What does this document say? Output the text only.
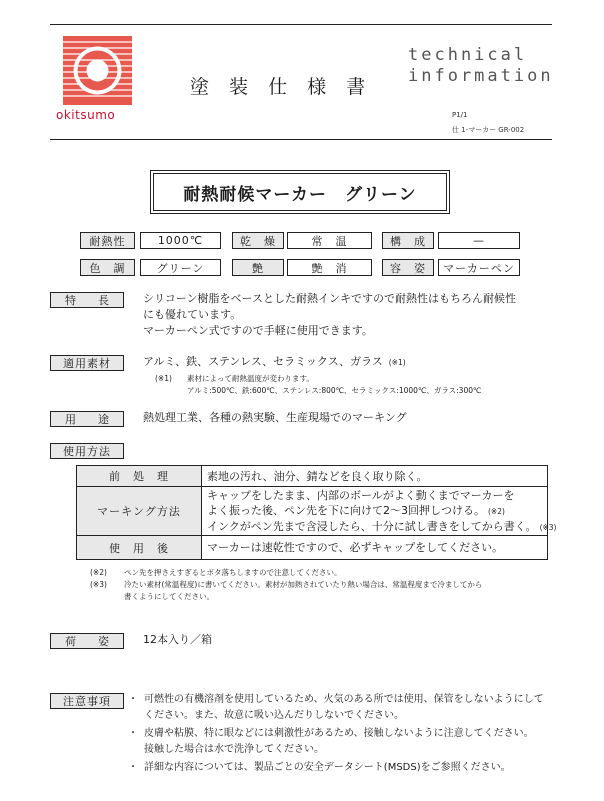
okitsumo
塗 装 仕 様 書
technical
information
P1/1
仕 1-マーカー GR-002
耐熱耐候マーカー　グリーン
耐熱性	1000℃	乾　燥	常　温	構　成	—
色　調	グリーン	艶	艶　消	容　姿	マーカーペン
特長 シリコーン樹脂をベースとした耐熱インキですので耐熱性はもちろん耐候性
にも優れています。
マーカーペン式ですので手軽に使用できます。
適用素材	アルミ、鉄、ステンレス、セラミックス、ガラス (※1)
(※1) 素材によって耐熱温度が変わります。
アルミ:500℃、鉄:600℃、ステンレス:800℃、セラミックス:1000℃、ガラス:300℃
用途 熱処理工業、各種の熱実験、生産現場でのマーキング
使用方法
前　処　理	素地の汚れ、油分、錆などを良く取り除く。
マーキング方法
キャップをしたまま、内部のボールがよく動くまでマーカーを
よく振った後、ペン先を下に向けて2～3回押しつける。 (※2)
インクがペン先まで含浸したら、十分に試し書きをしてから書く。 (※3)
使　用　後	マーカーは速乾性ですので、必ずキャップをしてください。
(※2) ペン先を押さえすぎるとボタ落ちしますので注意してください。
(※3) 冷たい素材(常温程度)に書いてください。素材が加熱されていたり熱い場合は、常温程度まで冷ましてから
書くようにしてください。
荷姿 12本入り／箱
注意事項 ・ 可燃性の有機溶剤を使用しているため、火気のある所では使用、保管をしないようにして
ください。また、故意に吸い込んだりしないでください。
・ 皮膚や粘膜、特に眼などには刺激性があるため、接触しないように注意してください。
接触した場合は水で洗浄してください。
・ 詳細な内容については、製品ごとの安全データシート(MSDS)をご参照ください。
